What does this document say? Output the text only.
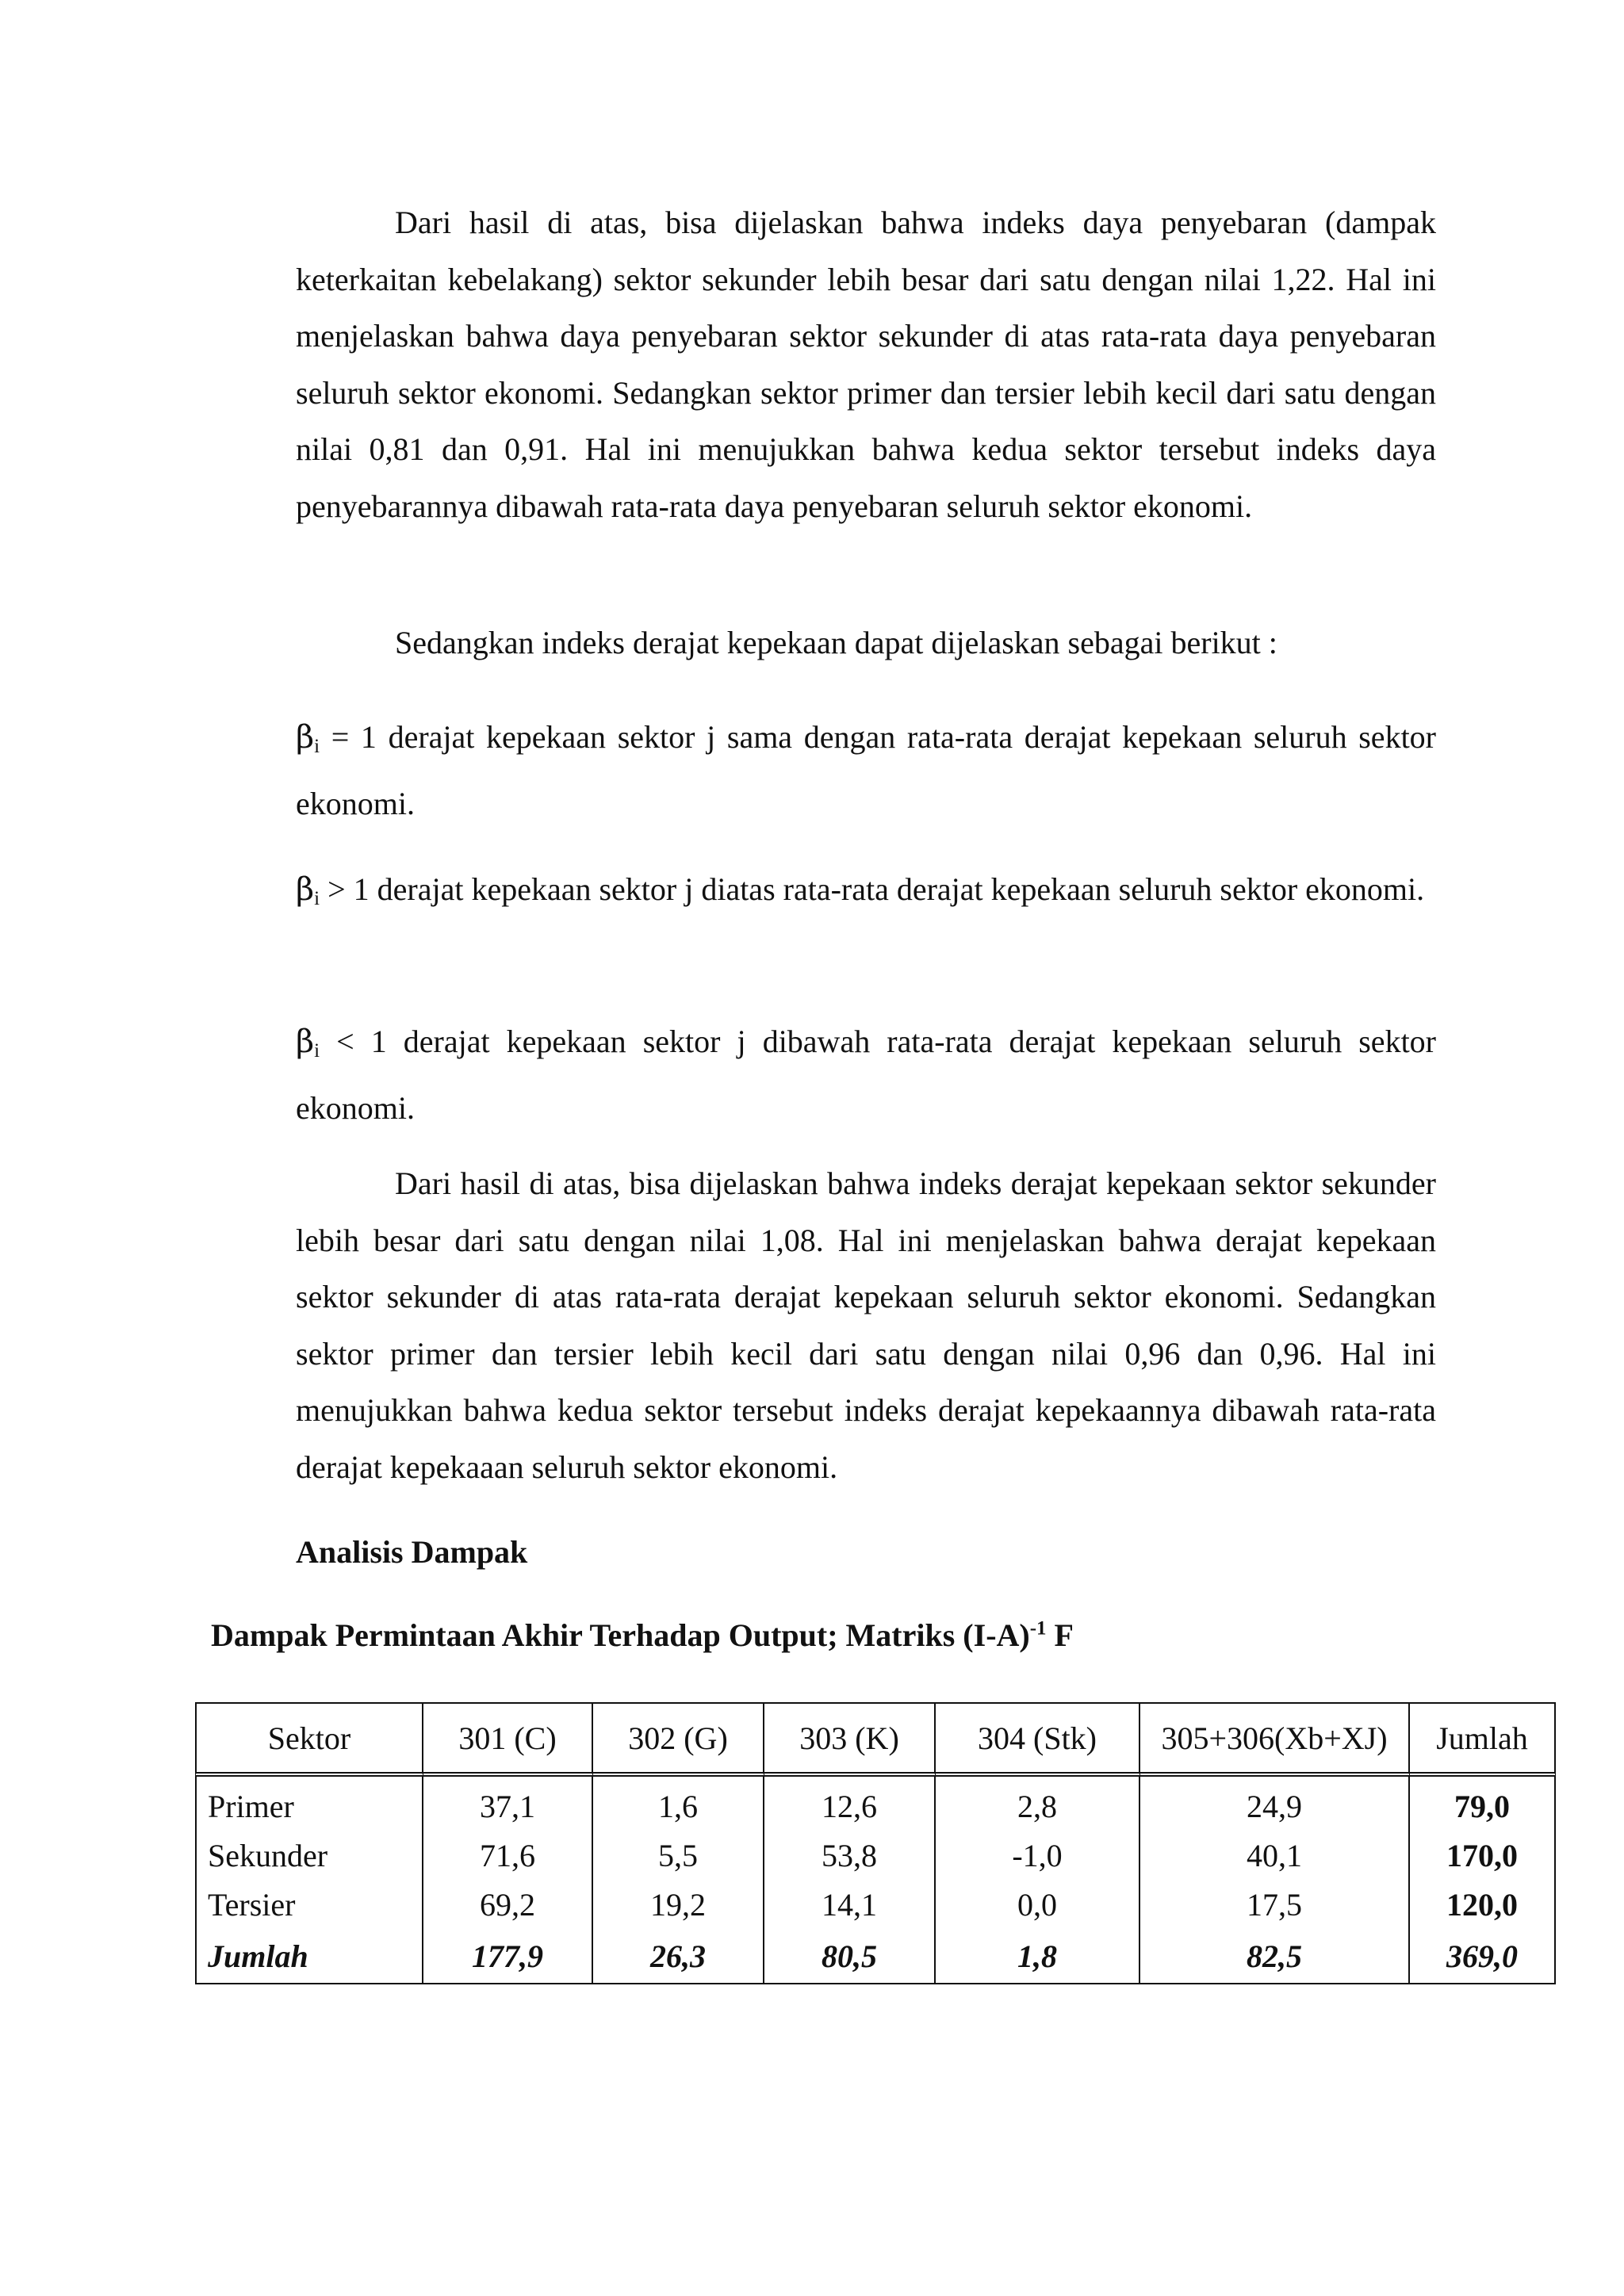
Dari hasil di atas, bisa dijelaskan bahwa indeks daya penyebaran (dampak keterkaitan kebelakang) sektor sekunder lebih besar dari satu dengan nilai 1,22. Hal ini menjelaskan bahwa daya penyebaran sektor sekunder di atas rata-rata daya penyebaran seluruh sektor ekonomi. Sedangkan sektor primer dan tersier lebih kecil dari satu dengan nilai 0,81 dan 0,91. Hal ini menujukkan bahwa kedua sektor tersebut indeks daya penyebarannya dibawah rata-rata daya penyebaran seluruh sektor ekonomi.

Sedangkan indeks derajat kepekaan dapat dijelaskan sebagai berikut :

βi = 1 derajat kepekaan sektor j sama dengan rata-rata derajat kepekaan seluruh sektor ekonomi.

βi > 1 derajat kepekaan sektor j diatas rata-rata derajat kepekaan seluruh sektor ekonomi.

βi < 1 derajat kepekaan sektor j dibawah rata-rata derajat kepekaan seluruh sektor ekonomi.

Dari hasil di atas, bisa dijelaskan bahwa indeks derajat kepekaan sektor sekunder lebih besar dari satu dengan nilai 1,08. Hal ini menjelaskan bahwa derajat kepekaan sektor sekunder di atas rata-rata derajat kepekaan seluruh sektor ekonomi. Sedangkan sektor primer dan tersier lebih kecil dari satu dengan nilai 0,96 dan 0,96. Hal ini menujukkan bahwa kedua sektor tersebut indeks derajat kepekaannya dibawah rata-rata derajat kepekaaan seluruh sektor ekonomi.

Analisis Dampak

Dampak Permintaan Akhir Terhadap Output; Matriks $(I-A)^{-1}$ F

Sektor	301 (C)	302 (G)	303 (K)	304 (Stk)	305+306(Xb+XJ)	Jumlah
Primer	37,1	1,6	12,6	2,8	24,9	79,0
Sekunder	71,6	5,5	53,8	-1,0	40,1	170,0
Tersier	69,2	19,2	14,1	0,0	17,5	120,0
Jumlah	177,9	26,3	80,5	1,8	82,5	369,0
